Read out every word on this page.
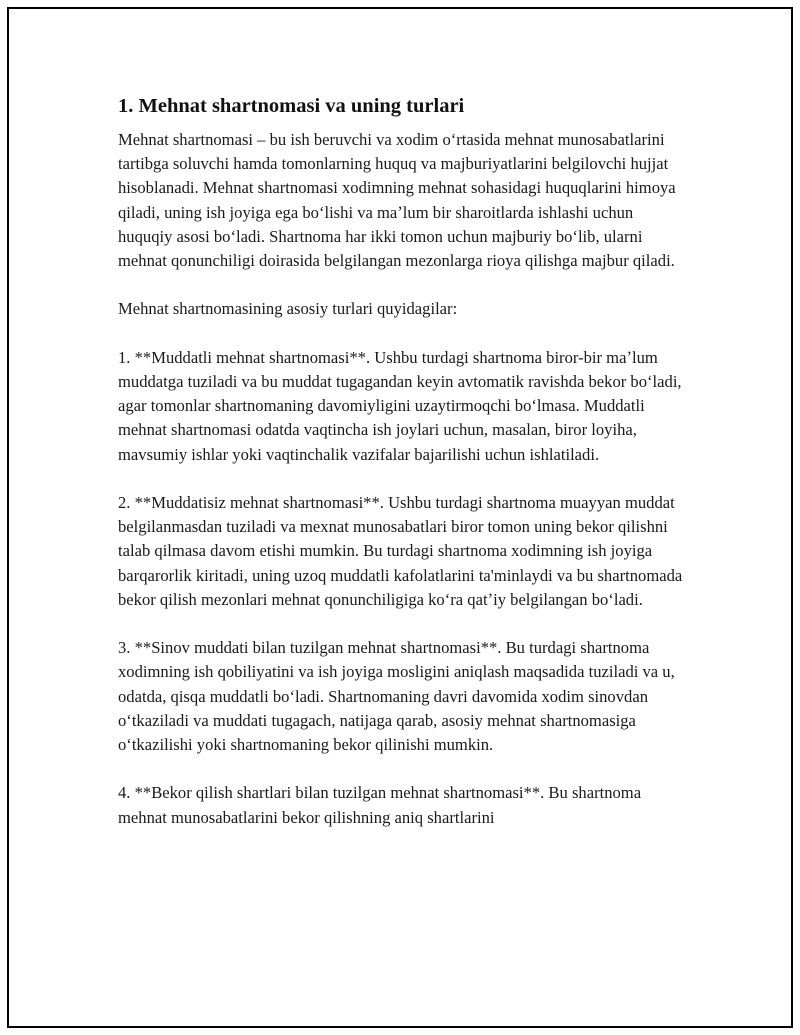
1. Mehnat shartnomasi va uning turlari

Mehnat shartnomasi – bu ish beruvchi va xodim oʻrtasida mehnat munosabatlarini tartibga soluvchi hamda tomonlarning huquq va majburiyatlarini belgilovchi hujjat hisoblanadi. Mehnat shartnomasi xodimning mehnat sohasidagi huquqlarini himoya qiladi, uning ish joyiga ega boʻlishi va maʼlum bir sharoitlarda ishlashi uchun huquqiy asosi boʻladi. Shartnoma har ikki tomon uchun majburiy boʻlib, ularni mehnat qonunchiligi doirasida belgilangan mezonlarga rioya qilishga majbur qiladi.

Mehnat shartnomasining asosiy turlari quyidagilar:

1. **Muddatli mehnat shartnomasi**. Ushbu turdagi shartnoma biror-bir maʼlum muddatga tuziladi va bu muddat tugagandan keyin avtomatik ravishda bekor boʻladi, agar tomonlar shartnomaning davomiyligini uzaytirmoqchi boʻlmasa. Muddatli mehnat shartnomasi odatda vaqtincha ish joylari uchun, masalan, biror loyiha, mavsumiy ishlar yoki vaqtinchalik vazifalar bajarilishi uchun ishlatiladi.

2. **Muddatisiz mehnat shartnomasi**. Ushbu turdagi shartnoma muayyan muddat belgilanmasdan tuziladi va mexnat munosabatlari biror tomon uning bekor qilishni talab qilmasa davom etishi mumkin. Bu turdagi shartnoma xodimning ish joyiga barqarorlik kiritadi, uning uzoq muddatli kafolatlarini ta'minlaydi va bu shartnomada bekor qilish mezonlari mehnat qonunchiligiga koʻra qatʼiy belgilangan boʻladi.

3. **Sinov muddati bilan tuzilgan mehnat shartnomasi**. Bu turdagi shartnoma xodimning ish qobiliyatini va ish joyiga mosligini aniqlash maqsadida tuziladi va u, odatda, qisqa muddatli boʻladi. Shartnomaning davri davomida xodim sinovdan oʻtkaziladi va muddati tugagach, natijaga qarab, asosiy mehnat shartnomasiga oʻtkazilishi yoki shartnomaning bekor qilinishi mumkin.

4. **Bekor qilish shartlari bilan tuzilgan mehnat shartnomasi**. Bu shartnoma mehnat munosabatlarini bekor qilishning aniq shartlarini
